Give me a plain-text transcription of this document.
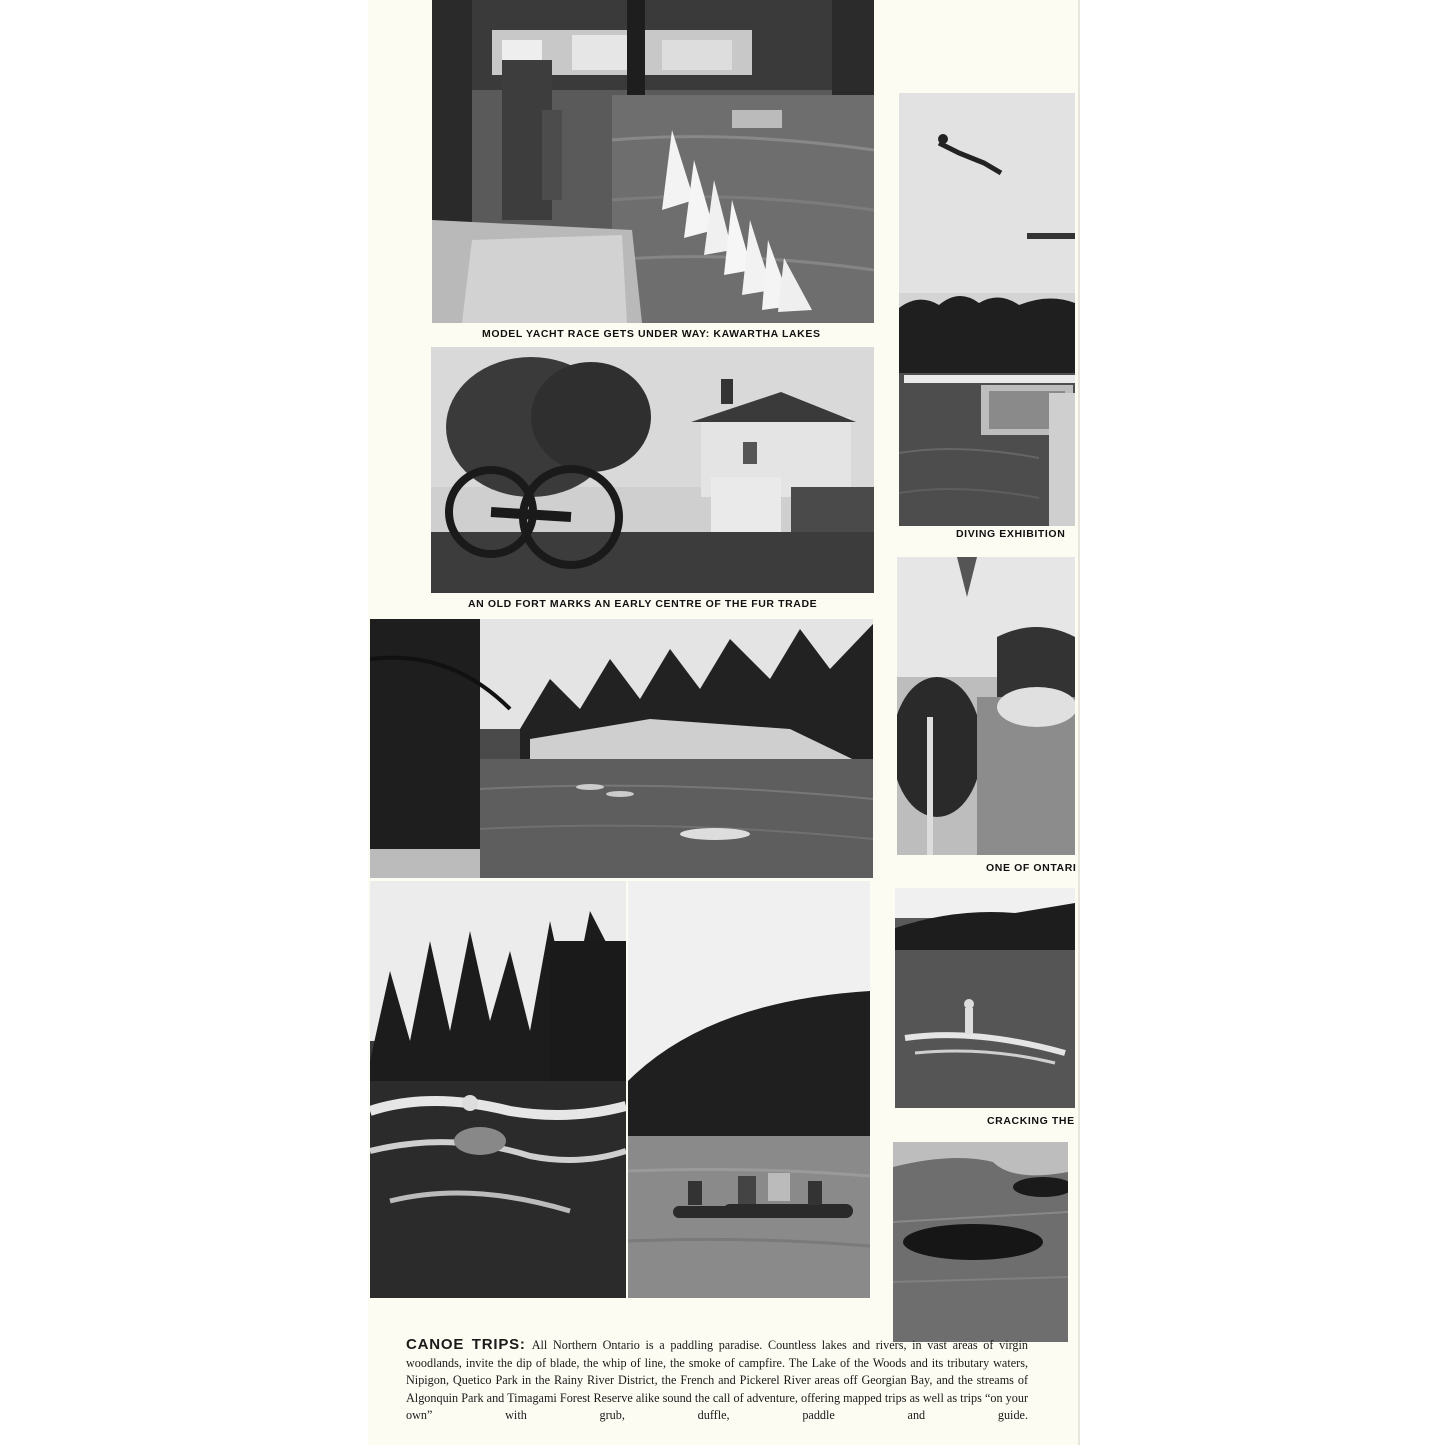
MODEL YACHT RACE GETS UNDER WAY: KAWARTHA LAKES
DIVING EXHIBITION
AN OLD FORT MARKS AN EARLY CENTRE OF THE FUR TRADE
ONE OF ONTARI
CRACKING THE
CANOE TRIPS: All Northern Ontario is a paddling paradise. Countless lakes and rivers, in vast areas of virgin woodlands, invite the dip of blade, the whip of line, the smoke of campfire. The Lake of the Woods and its tributary waters, Nipigon, Quetico Park in the Rainy River District, the French and Pickerel River areas off Georgian Bay, and the streams of Algonquin Park and Timagami Forest Reserve alike sound the call of adventure, offering mapped trips as well as trips “on your own” with grub, duffle, paddle and guide.
